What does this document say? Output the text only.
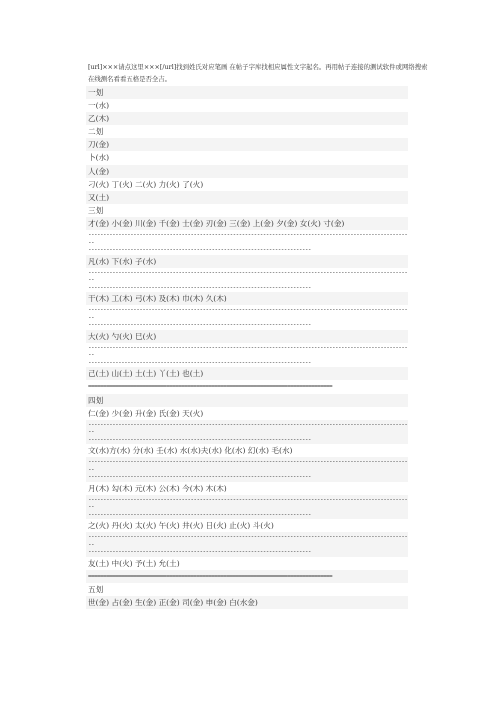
[url]×××请点这里×××[/url]找到姓氏对应笔画 在帖子字库找相应属性文字起名。再用帖子连接的测试软件或网络搜索在线测名看看五格是否全吉。
一划
一(水)
乙(木)
二划
刀(金)
卜(水)
人(金)
刁(火) 丁(火) 二(火) 力(火) 了(火)
又(土)
三划
才(金) 小(金) 川(金) 千(金) 士(金) 刃(金) 三(金) 上(金) 夕(金) 女(火) 寸(金)
------------------------------------------------------------------------------------------------------------
--------------------------------------------------------------------------
凡(水) 下(水) 子(水)
------------------------------------------------------------------------------------------------------------
--------------------------------------------------------------------------
干(木) 工(木) 弓(木) 及(木) 巾(木) 久(木)
------------------------------------------------------------------------------------------------------------
--------------------------------------------------------------------------
大(火) 勺(火) 巳(火)
------------------------------------------------------------------------------------------------------------
--------------------------------------------------------------------------
己(土) 山(土) 土(土) 丫(土) 也(土)
=================================================================================
四划
仁(金) 少(金) 升(金) 氏(金) 天(火)
------------------------------------------------------------------------------------------------------------
--------------------------------------------------------------------------
文(水)方(水) 分(水) 壬(水) 水(水)夫(水) 化(水) 幻(水) 毛(水)
------------------------------------------------------------------------------------------------------------
--------------------------------------------------------------------------
月(木) 勾(木) 元(木) 公(木) 今(木) 木(木)
------------------------------------------------------------------------------------------------------------
--------------------------------------------------------------------------
之(火) 丹(火) 太(火) 午(火) 井(火) 日(火) 止(火) 斗(火)
------------------------------------------------------------------------------------------------------------
--------------------------------------------------------------------------
友(土) 中(火) 予(土) 允(土)
=================================================================================
五划
世(金) 占(金) 生(金) 正(金) 司(金) 申(金) 白(水金)
